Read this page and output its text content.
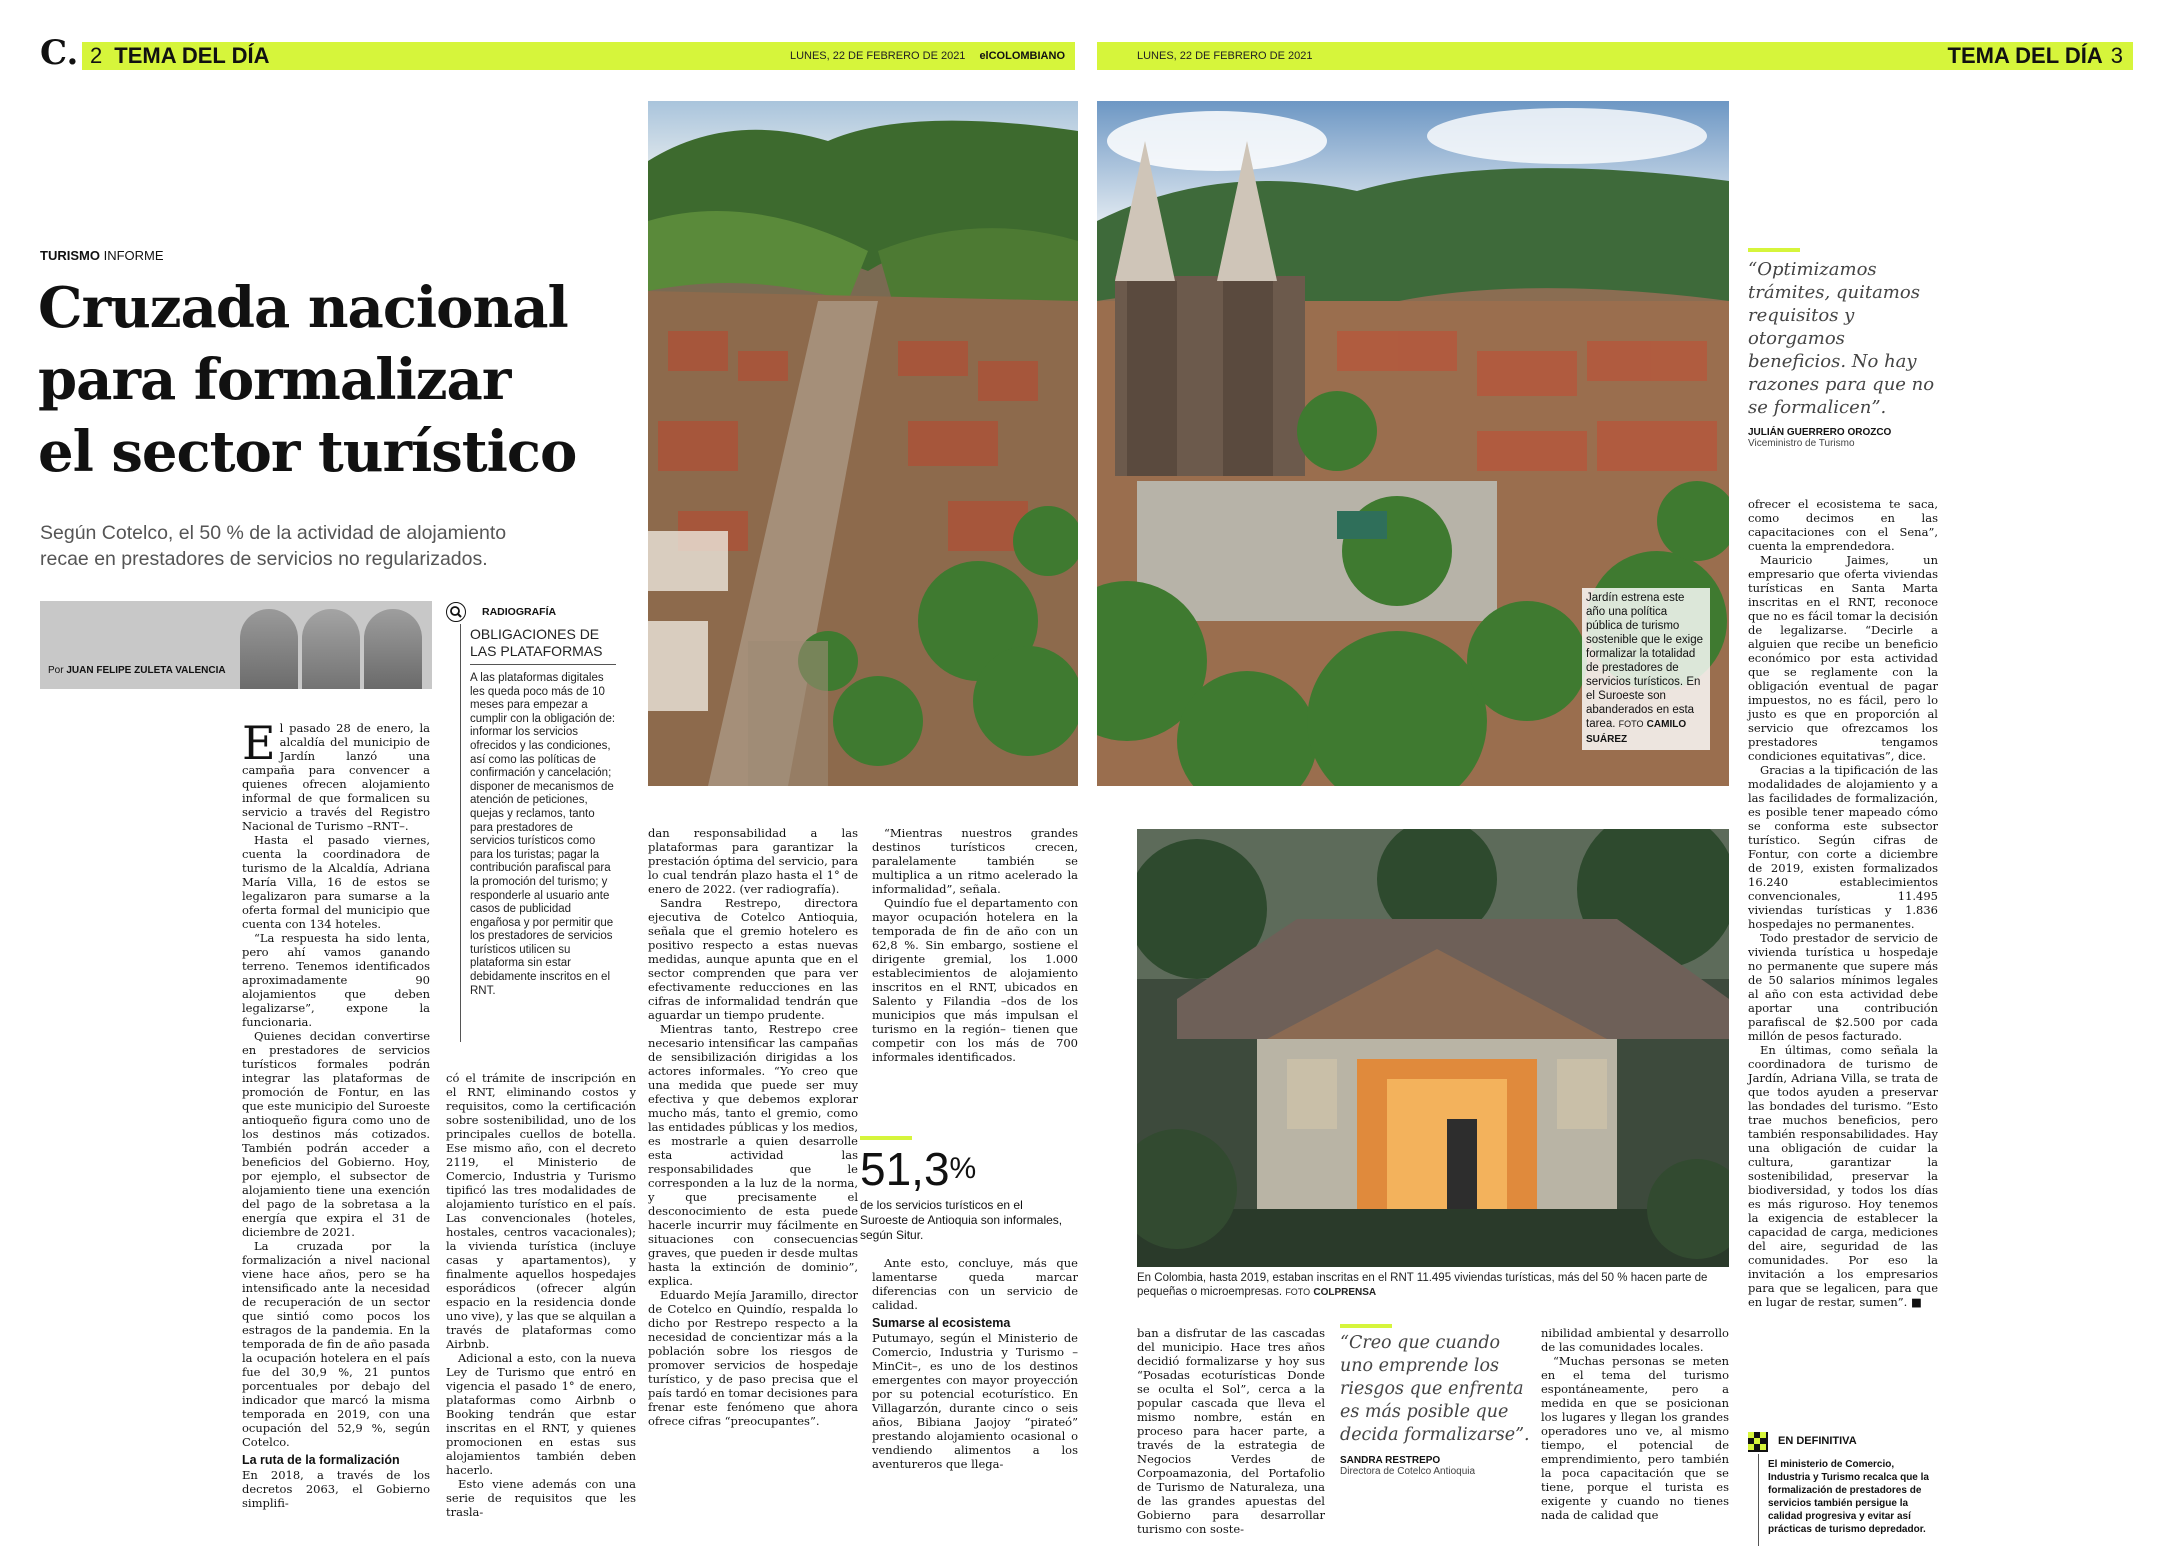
C. 2 TEMA DEL DÍA	LUNES, 22 DE FEBRERO DE 2021 elCOLOMBIANO	LUNES, 22 DE FEBRERO DE 2021	TEMA DEL DÍA 3
TURISMO INFORME
Cruzada nacional
para formalizar
el sector turístico
Según Cotelco, el 50 % de la actividad de alojamiento
recae en prestadores de servicios no regularizados.
Por JUAN FELIPE ZULETA VALENCIA
RADIOGRAFÍA
OBLIGACIONES DE
LAS PLATAFORMAS
A las plataformas digitales les queda poco más de 10 meses para empezar a cumplir con la obligación de: informar los servicios ofrecidos y las condiciones, así como las políticas de confirmación y cancelación; disponer de mecanismos de atención de peticiones, quejas y reclamos, tanto para prestadores de servicios turísticos como para los turistas; pagar la contribución parafiscal para la promoción del turismo; y responderle al usuario ante casos de publicidad engañosa y por permitir que los prestadores de servicios turísticos utilicen su plataforma sin estar debidamente inscritos en el RNT.
Jardín estrena este año una política pública de turismo sostenible que le exige formalizar la totalidad de prestadores de servicios turísticos. En el Suroeste son abanderados en esta tarea. FOTO CAMILO SUÁREZ
En Colombia, hasta 2019, estaban inscritas en el RNT 11.495 viviendas turísticas, más del 50 % hacen parte de pequeñas o microempresas. FOTO COLPRENSA
“Optimizamos trámites, quitamos requisitos y otorgamos beneficios. No hay razones para que no se formalicen”.
JULIÁN GUERRERO OROZCO
Viceministro de Turismo

El pasado 28 de enero, la alcaldía del municipio de Jardín lanzó una campaña para convencer a quienes ofrecen alojamiento informal de que formalicen su servicio a través del Registro Nacional de Turismo –RNT–.

Hasta el pasado viernes, cuenta la coordinadora de turismo de la Alcaldía, Adriana María Villa, 16 de estos se legalizaron para sumarse a la oferta formal del municipio que cuenta con 134 hoteles.

“La respuesta ha sido lenta, pero ahí vamos ganando terreno. Tenemos identificados aproximadamente 90 alojamientos que deben legalizarse”, expone la funcionaria.

Quienes decidan convertirse en prestadores de servicios turísticos formales podrán integrar las plataformas de promoción de Fontur, en las que este municipio del Suroeste antioqueño figura como uno de los destinos más cotizados. También podrán acceder a beneficios del Gobierno. Hoy, por ejemplo, el subsector de alojamiento tiene una exención del pago de la sobretasa a la energía que expira el 31 de diciembre de 2021.

La cruzada por la formalización a nivel nacional viene hace años, pero se ha intensificado ante la necesidad de recuperación de un sector que sintió como pocos los estragos de la pandemia. En la temporada de fin de año pasada la ocupación hotelera en el país fue del 30,9 %, 21 puntos porcentuales por debajo del indicador que marcó la misma temporada en 2019, con una ocupación del 52,9 %, según Cotelco.

La ruta de la formalización

En 2018, a través de los decretos 2063, el Gobierno simplifi-

có el trámite de inscripción en el RNT, eliminando costos y requisitos, como la certificación sobre sostenibilidad, uno de los principales cuellos de botella. Ese mismo año, con el decreto 2119, el Ministerio de Comercio, Industria y Turismo tipificó las tres modalidades de alojamiento turístico en el país. Las convencionales (hoteles, hostales, centros vacacionales); la vivienda turística (incluye casas y apartamentos), y finalmente aquellos hospedajes esporádicos (ofrecer algún espacio en la residencia donde uno vive), y las que se alquilan a través de plataformas como Airbnb.

Adicional a esto, con la nueva Ley de Turismo que entró en vigencia el pasado 1° de enero, plataformas como Airbnb o Booking tendrán que estar inscritas en el RNT, y quienes promocionen en estas sus alojamientos también deben hacerlo.

Esto viene además con una serie de requisitos que les trasla-

dan responsabilidad a las plataformas para garantizar la prestación óptima del servicio, para lo cual tendrán plazo hasta el 1° de enero de 2022. (ver radiografía).

Sandra Restrepo, directora ejecutiva de Cotelco Antioquia, señala que el gremio hotelero es positivo respecto a estas nuevas medidas, aunque apunta que en el sector comprenden que para ver efectivamente reducciones en las cifras de informalidad tendrán que aguardar un tiempo prudente.

Mientras tanto, Restrepo cree necesario intensificar las campañas de sensibilización dirigidas a los actores informales. “Yo creo que una medida que puede ser muy efectiva y que debemos explorar mucho más, tanto el gremio, como las entidades públicas y los medios, es mostrarle a quien desarrolle esta actividad las responsabilidades que le corresponden a la luz de la norma, y que precisamente el desconocimiento de esta puede hacerle incurrir muy fácilmente en situaciones con consecuencias graves, que pueden ir desde multas hasta la extinción de dominio”, explica.

Eduardo Mejía Jaramillo, director de Cotelco en Quindío, respalda lo dicho por Restrepo respecto a la necesidad de concientizar más a la población sobre los riesgos de promover servicios de hospedaje turístico, y de paso precisa que el país tardó en tomar decisiones para frenar este fenómeno que ahora ofrece cifras “preocupantes”.

“Mientras nuestros grandes destinos turísticos crecen, paralelamente también se multiplica a un ritmo acelerado la informalidad”, señala.

Quindío fue el departamento con mayor ocupación hotelera en la temporada de fin de año con un 62,8 %. Sin embargo, sostiene el dirigente gremial, los 1.000 establecimientos de alojamiento inscritos en el RNT, ubicados en Salento y Filandia –dos de los municipios que más impulsan el turismo en la región– tienen que competir con los más de 700 informales identificados.

51,3%
de los servicios turísticos en el Suroeste de Antioquia son informales, según Situr.

Ante esto, concluye, más que lamentarse queda marcar diferencias con un servicio de calidad.

Sumarse al ecosistema

Putumayo, según el Ministerio de Comercio, Industria y Turismo –MinCit–, es uno de los destinos emergentes con mayor proyección por su potencial ecoturístico. En Villagarzón, durante cinco o seis años, Bibiana Jaojoy “pirateó” prestando alojamiento ocasional o vendiendo alimentos a los aventureros que llega-

ban a disfrutar de las cascadas del municipio. Hace tres años decidió formalizarse y hoy sus “Posadas ecoturísticas Donde se oculta el Sol”, cerca a la popular cascada que lleva el mismo nombre, están en proceso para hacer parte, a través de la estrategia de Negocios Verdes de Corpoamazonia, del Portafolio de Turismo de Naturaleza, una de las grandes apuestas del Gobierno para desarrollar turismo con soste-

“Creo que cuando uno emprende los riesgos que enfrenta es más posible que decida formalizarse”.
SANDRA RESTREPO
Directora de Cotelco Antioquia

nibilidad ambiental y desarrollo de las comunidades locales.

“Muchas personas se meten en el tema del turismo espontáneamente, pero a medida en que se posicionan los lugares y llegan los grandes operadores uno ve, al mismo tiempo, el potencial de emprendimiento, pero también la poca capacitación que se tiene, porque el turista es exigente y cuando no tienes nada de calidad que

ofrecer el ecosistema te saca, como decimos en las capacitaciones con el Sena”, cuenta la emprendedora.

Mauricio Jaimes, un empresario que oferta viviendas turísticas en Santa Marta inscritas en el RNT, reconoce que no es fácil tomar la decisión de legalizarse. “Decirle a alguien que recibe un beneficio económico por esta actividad que se reglamente con la obligación eventual de pagar impuestos, no es fácil, pero lo justo es que en proporción al servicio que ofrezcamos los prestadores tengamos condiciones equitativas”, dice.

Gracias a la tipificación de las modalidades de alojamiento y a las facilidades de formalización, es posible tener mapeado cómo se conforma este subsector turístico. Según cifras de Fontur, con corte a diciembre de 2019, existen formalizados 16.240 establecimientos convencionales, 11.495 viviendas turísticas y 1.836 hospedajes no permanentes.

Todo prestador de servicio de vivienda turística u hospedaje no permanente que supere más de 50 salarios mínimos legales al año con esta actividad debe aportar una contribución parafiscal de $2.500 por cada millón de pesos facturado.

En últimas, como señala la coordinadora de turismo de Jardín, Adriana Villa, se trata de que todos ayuden a preservar las bondades del turismo. “Esto trae muchos beneficios, pero también responsabilidades. Hay una obligación de cuidar la cultura, garantizar la sostenibilidad, preservar la biodiversidad, y todos los días es más riguroso. Hoy tenemos la exigencia de establecer la capacidad de carga, mediciones del aire, seguridad de las comunidades. Por eso la invitación a los empresarios para que se legalicen, para que en lugar de restar, sumen”. ■

EN DEFINITIVA
El ministerio de Comercio, Industria y Turismo recalca que la formalización de prestadores de servicios también persigue la calidad progresiva y evitar así prácticas de turismo depredador.
